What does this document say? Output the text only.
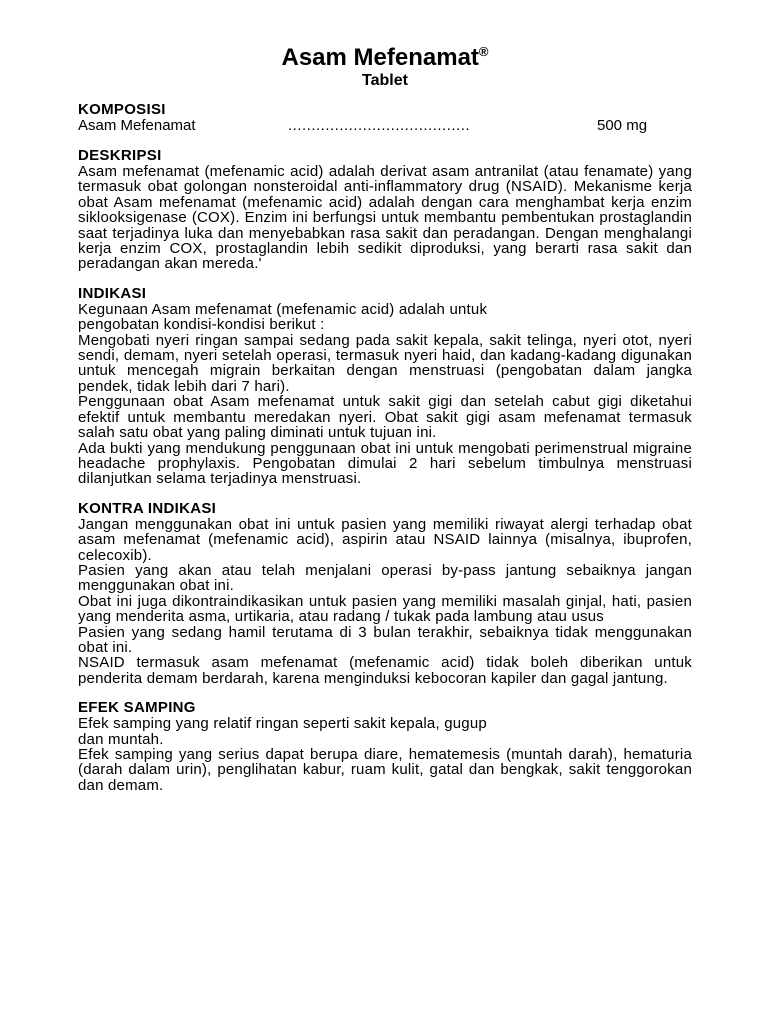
Asam Mefenamat®

Tablet

KOMPOSISI

Asam Mefenamat	.......................................	500 mg

DESKRIPSI

Asam mefenamat (mefenamic acid) adalah derivat asam antranilat (atau fenamate) yang termasuk obat golongan nonsteroidal anti-inflammatory drug (NSAID). Mekanisme kerja obat Asam mefenamat (mefenamic acid) adalah dengan cara menghambat kerja enzim siklooksigenase (COX). Enzim ini berfungsi untuk membantu pembentukan prostaglandin saat terjadinya luka dan menyebabkan rasa sakit dan peradangan. Dengan menghalangi kerja enzim COX, prostaglandin lebih sedikit diproduksi, yang berarti rasa sakit dan peradangan akan mereda.'

INDIKASI

Kegunaan Asam mefenamat (mefenamic acid) adalah untuk

pengobatan kondisi-kondisi berikut :

Mengobati nyeri ringan sampai sedang pada sakit kepala, sakit telinga, nyeri otot, nyeri sendi, demam, nyeri setelah operasi, termasuk nyeri haid, dan kadang-kadang digunakan untuk mencegah migrain berkaitan dengan menstruasi (pengobatan dalam jangka pendek, tidak lebih dari 7 hari).

Penggunaan obat Asam mefenamat untuk sakit gigi dan setelah cabut gigi diketahui efektif untuk membantu meredakan nyeri. Obat sakit gigi asam mefenamat termasuk salah satu obat yang paling diminati untuk tujuan ini.

Ada bukti yang mendukung penggunaan obat ini untuk mengobati perimenstrual migraine headache prophylaxis. Pengobatan dimulai 2 hari sebelum timbulnya menstruasi dilanjutkan selama terjadinya menstruasi.

KONTRA INDIKASI

Jangan menggunakan obat ini untuk pasien yang memiliki riwayat alergi terhadap obat asam mefenamat (mefenamic acid), aspirin atau NSAID lainnya (misalnya, ibuprofen, celecoxib).

Pasien yang akan atau telah menjalani operasi by-pass jantung sebaiknya jangan menggunakan obat ini.

Obat ini juga dikontraindikasikan untuk pasien yang memiliki masalah ginjal, hati, pasien yang menderita asma, urtikaria, atau radang / tukak pada lambung atau usus

Pasien yang sedang hamil terutama di 3 bulan terakhir, sebaiknya tidak menggunakan obat ini.

NSAID termasuk asam mefenamat (mefenamic acid) tidak boleh diberikan untuk penderita demam berdarah, karena menginduksi kebocoran kapiler dan gagal jantung.

EFEK SAMPING

Efek samping yang relatif ringan seperti sakit kepala, gugup

dan muntah.

Efek samping yang serius dapat berupa diare, hematemesis (muntah darah), hematuria (darah dalam urin), penglihatan kabur, ruam kulit, gatal dan bengkak, sakit tenggorokan dan demam.
